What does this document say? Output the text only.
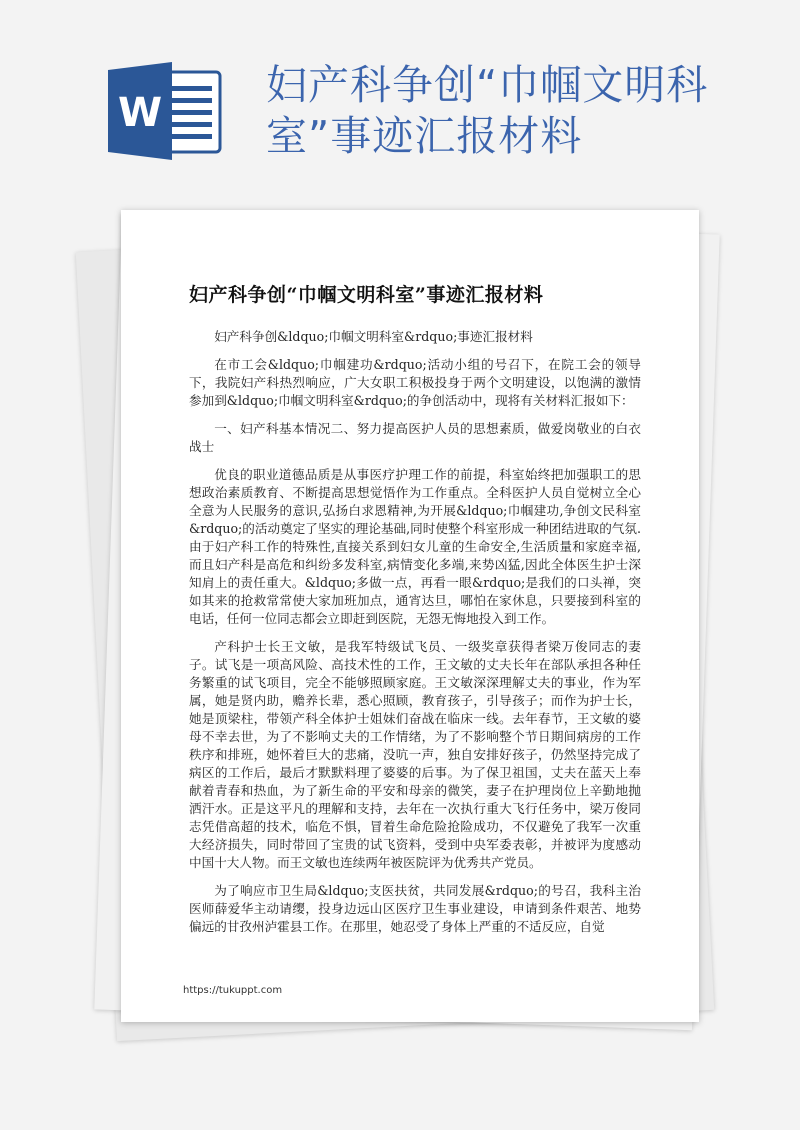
W
妇产科争创“巾帼文明科室”事迹汇报材料
妇产科争创“巾帼文明科室”事迹汇报材料

妇产科争创&ldquo;巾帼文明科室&rdquo;事迹汇报材料

在市工会&ldquo;巾帼建功&rdquo;活动小组的号召下，在院工会的领导下，我院妇产科热烈响应，广大女职工积极投身于两个文明建设，以饱满的激情参加到&ldquo;巾帼文明科室&rdquo;的争创活动中，现将有关材料汇报如下：

一、妇产科基本情况二、努力提高医护人员的思想素质，做爱岗敬业的白衣战士

优良的职业道德品质是从事医疗护理工作的前提，科室始终把加强职工的思想政治素质教育、不断提高思想觉悟作为工作重点。全科医护人员自觉树立全心全意为人民服务的意识,弘扬白求恩精神,为开展&ldquo;巾帼建功,争创文民科室&rdquo;的活动奠定了坚实的理论基础,同时使整个科室形成一种团结进取的气氛.由于妇产科工作的特殊性,直接关系到妇女儿童的生命安全,生活质量和家庭幸福,而且妇产科是高危和纠纷多发科室,病情变化多端,来势凶猛,因此全体医生护士深知肩上的责任重大。&ldquo;多做一点，再看一眼&rdquo;是我们的口头禅，突如其来的抢救常常使大家加班加点，通宵达旦，哪怕在家休息，只要接到科室的电话，任何一位同志都会立即赶到医院，无怨无悔地投入到工作。

产科护士长王文敏，是我军特级试飞员、一级奖章获得者梁万俊同志的妻子。试飞是一项高风险、高技术性的工作，王文敏的丈夫长年在部队承担各种任务繁重的试飞项目，完全不能够照顾家庭。王文敏深深理解丈夫的事业，作为军属，她是贤内助，赡养长辈，悉心照顾，教育孩子，引导孩子；而作为护士长，她是顶梁柱，带领产科全体护士姐妹们奋战在临床一线。去年春节，王文敏的婆母不幸去世，为了不影响丈夫的工作情绪，为了不影响整个节日期间病房的工作秩序和排班，她怀着巨大的悲痛，没吭一声，独自安排好孩子，仍然坚持完成了病区的工作后，最后才默默料理了婆婆的后事。为了保卫祖国，丈夫在蓝天上奉献着青春和热血，为了新生命的平安和母亲的微笑，妻子在护理岗位上辛勤地抛洒汗水。正是这平凡的理解和支持，去年在一次执行重大飞行任务中，梁万俊同志凭借高超的技术，临危不惧，冒着生命危险抢险成功，不仅避免了我军一次重大经济损失，同时带回了宝贵的试飞资料，受到中央军委表彰，并被评为度感动中国十大人物。而王文敏也连续两年被医院评为优秀共产党员。

为了响应市卫生局&ldquo;支医扶贫，共同发展&rdquo;的号召，我科主治医师薛爱华主动请缨，投身边远山区医疗卫生事业建设，申请到条件艰苦、地势偏远的甘孜州泸霍县工作。在那里，她忍受了身体上严重的不适反应，自觉

https://tukuppt.com
